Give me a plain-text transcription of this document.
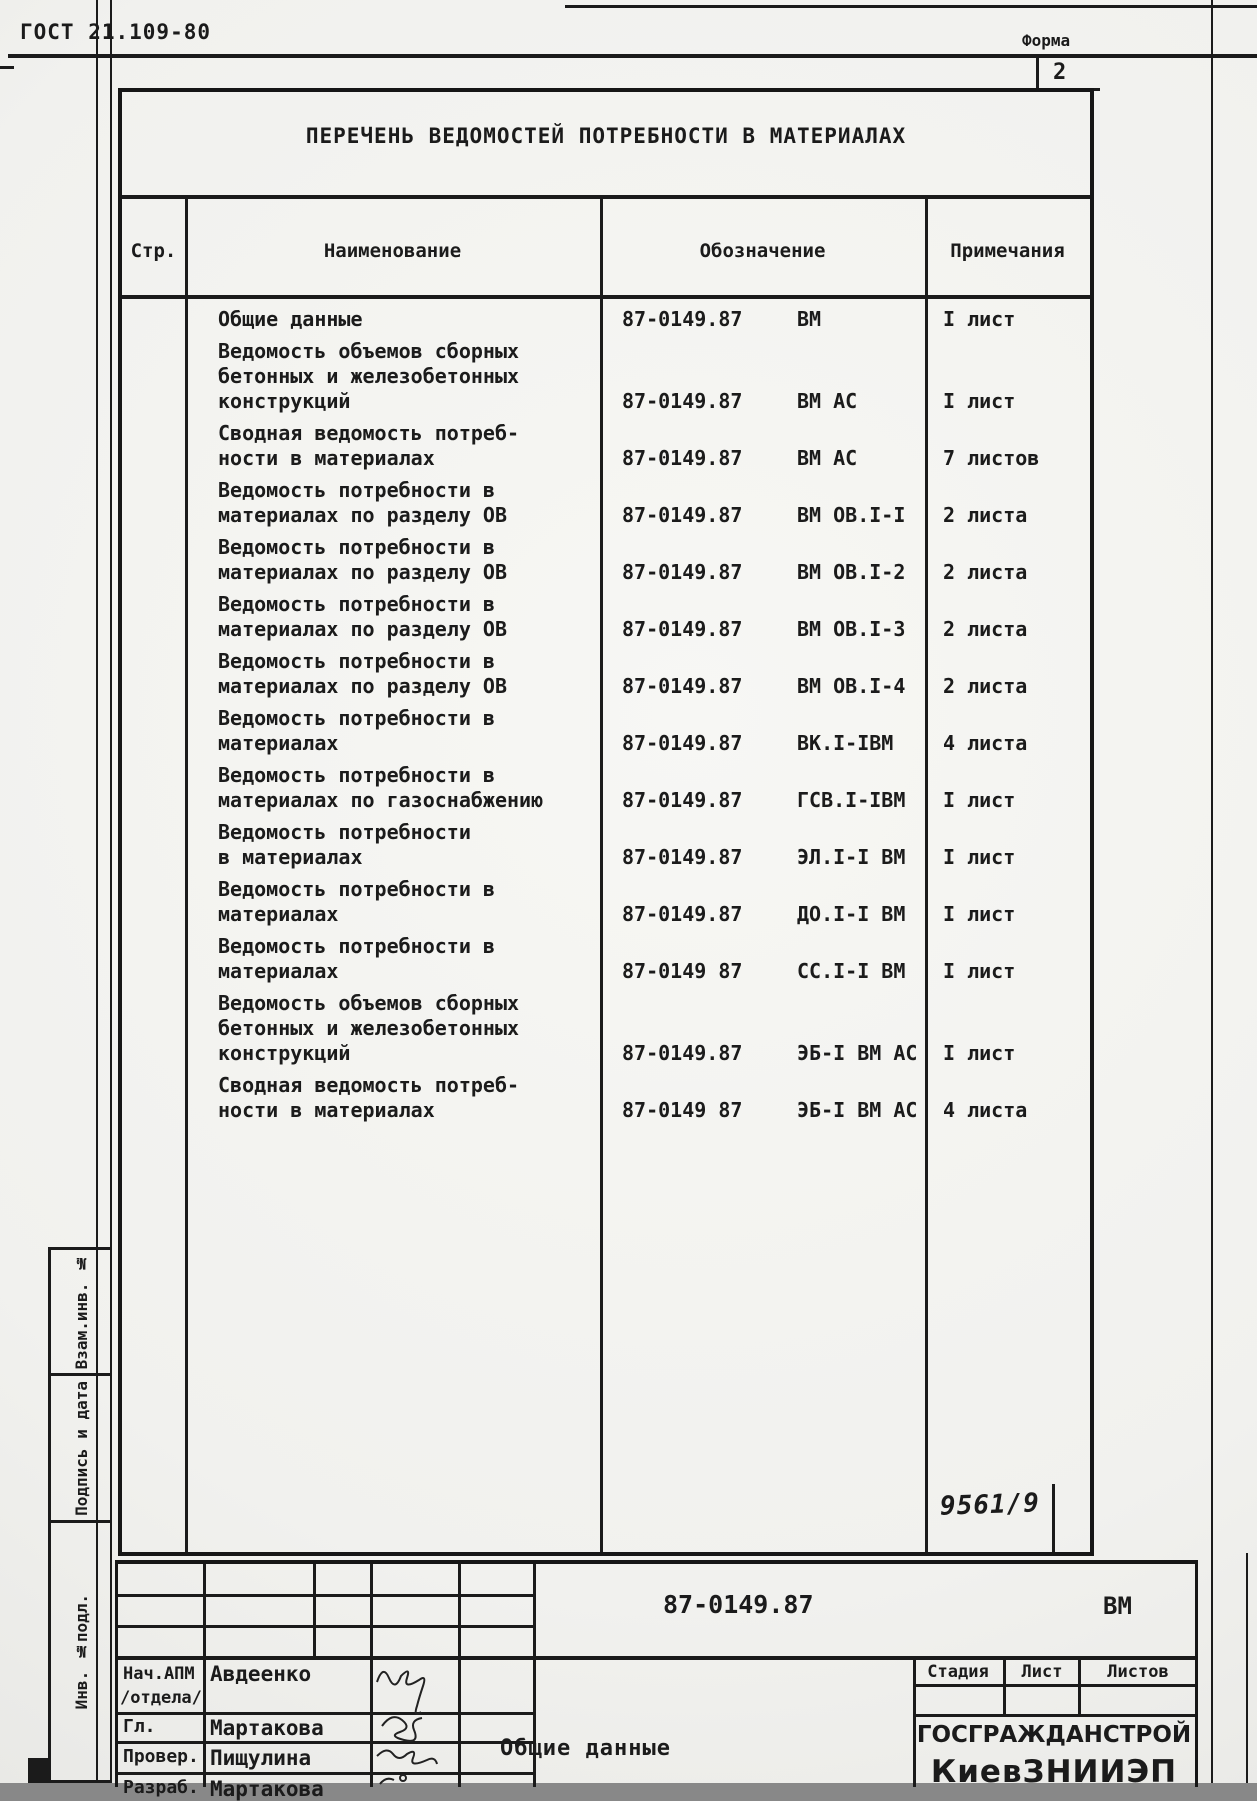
ГОСТ 21.109-80	Форма
2
ПЕРЕЧЕНЬ ВЕДОМОСТЕЙ ПОТРЕБНОСТИ В МАТЕРИАЛАХ
Стр.	Наименование	Обозначение	Примечания
Общие данные	87-0149.87	ВМ	I лист
Ведомость объемов сборных
бетонных и железобетонных
конструкций	87-0149.87	ВМ АС	I лист
Сводная ведомость потреб-
ности в материалах	87-0149.87	ВМ АС	7 листов
Ведомость потребности в
материалах по разделу ОВ	87-0149.87	ВМ ОВ.I-I	2 листа
Ведомость потребности в
материалах по разделу ОВ	87-0149.87	ВМ ОВ.I-2	2 листа
Ведомость потребности в
материалах по разделу ОВ	87-0149.87	ВМ ОВ.I-3	2 листа
Ведомость потребности в
материалах по разделу ОВ	87-0149.87	ВМ ОВ.I-4	2 листа
Ведомость потребности в
материалах	87-0149.87	ВК.I-IВМ	4 листа
Ведомость потребности в
материалах по газоснабжению	87-0149.87	ГСВ.I-IВМ	I лист
Ведомость потребности
в материалах	87-0149.87	ЭЛ.I-I ВМ	I лист
Ведомость потребности в
материалах	87-0149.87	ДО.I-I ВМ	I лист
Ведомость потребности в
материалах	87-0149 87	СС.I-I ВМ	I лист
Ведомость объемов сборных
бетонных и железобетонных
конструкций	87-0149.87	ЭБ-I ВМ АС	I лист
Сводная ведомость потреб-
ности в материалах	87-0149 87	ЭБ-I ВМ АС	4 листа
9561/9
Взам.инв. №
Подпись и дата
Инв. №подл.	87-0149.87	ВМ
Нач.АПМ
/отдела/
Авдеенко
Гл.	Мартакова
Провер. Пищулина
Разраб. Мартакова
Общие данные
Стадия	Лист	Листов
ГОСГРАЖДАНСТРОЙ
КиевЗНИИЭП
